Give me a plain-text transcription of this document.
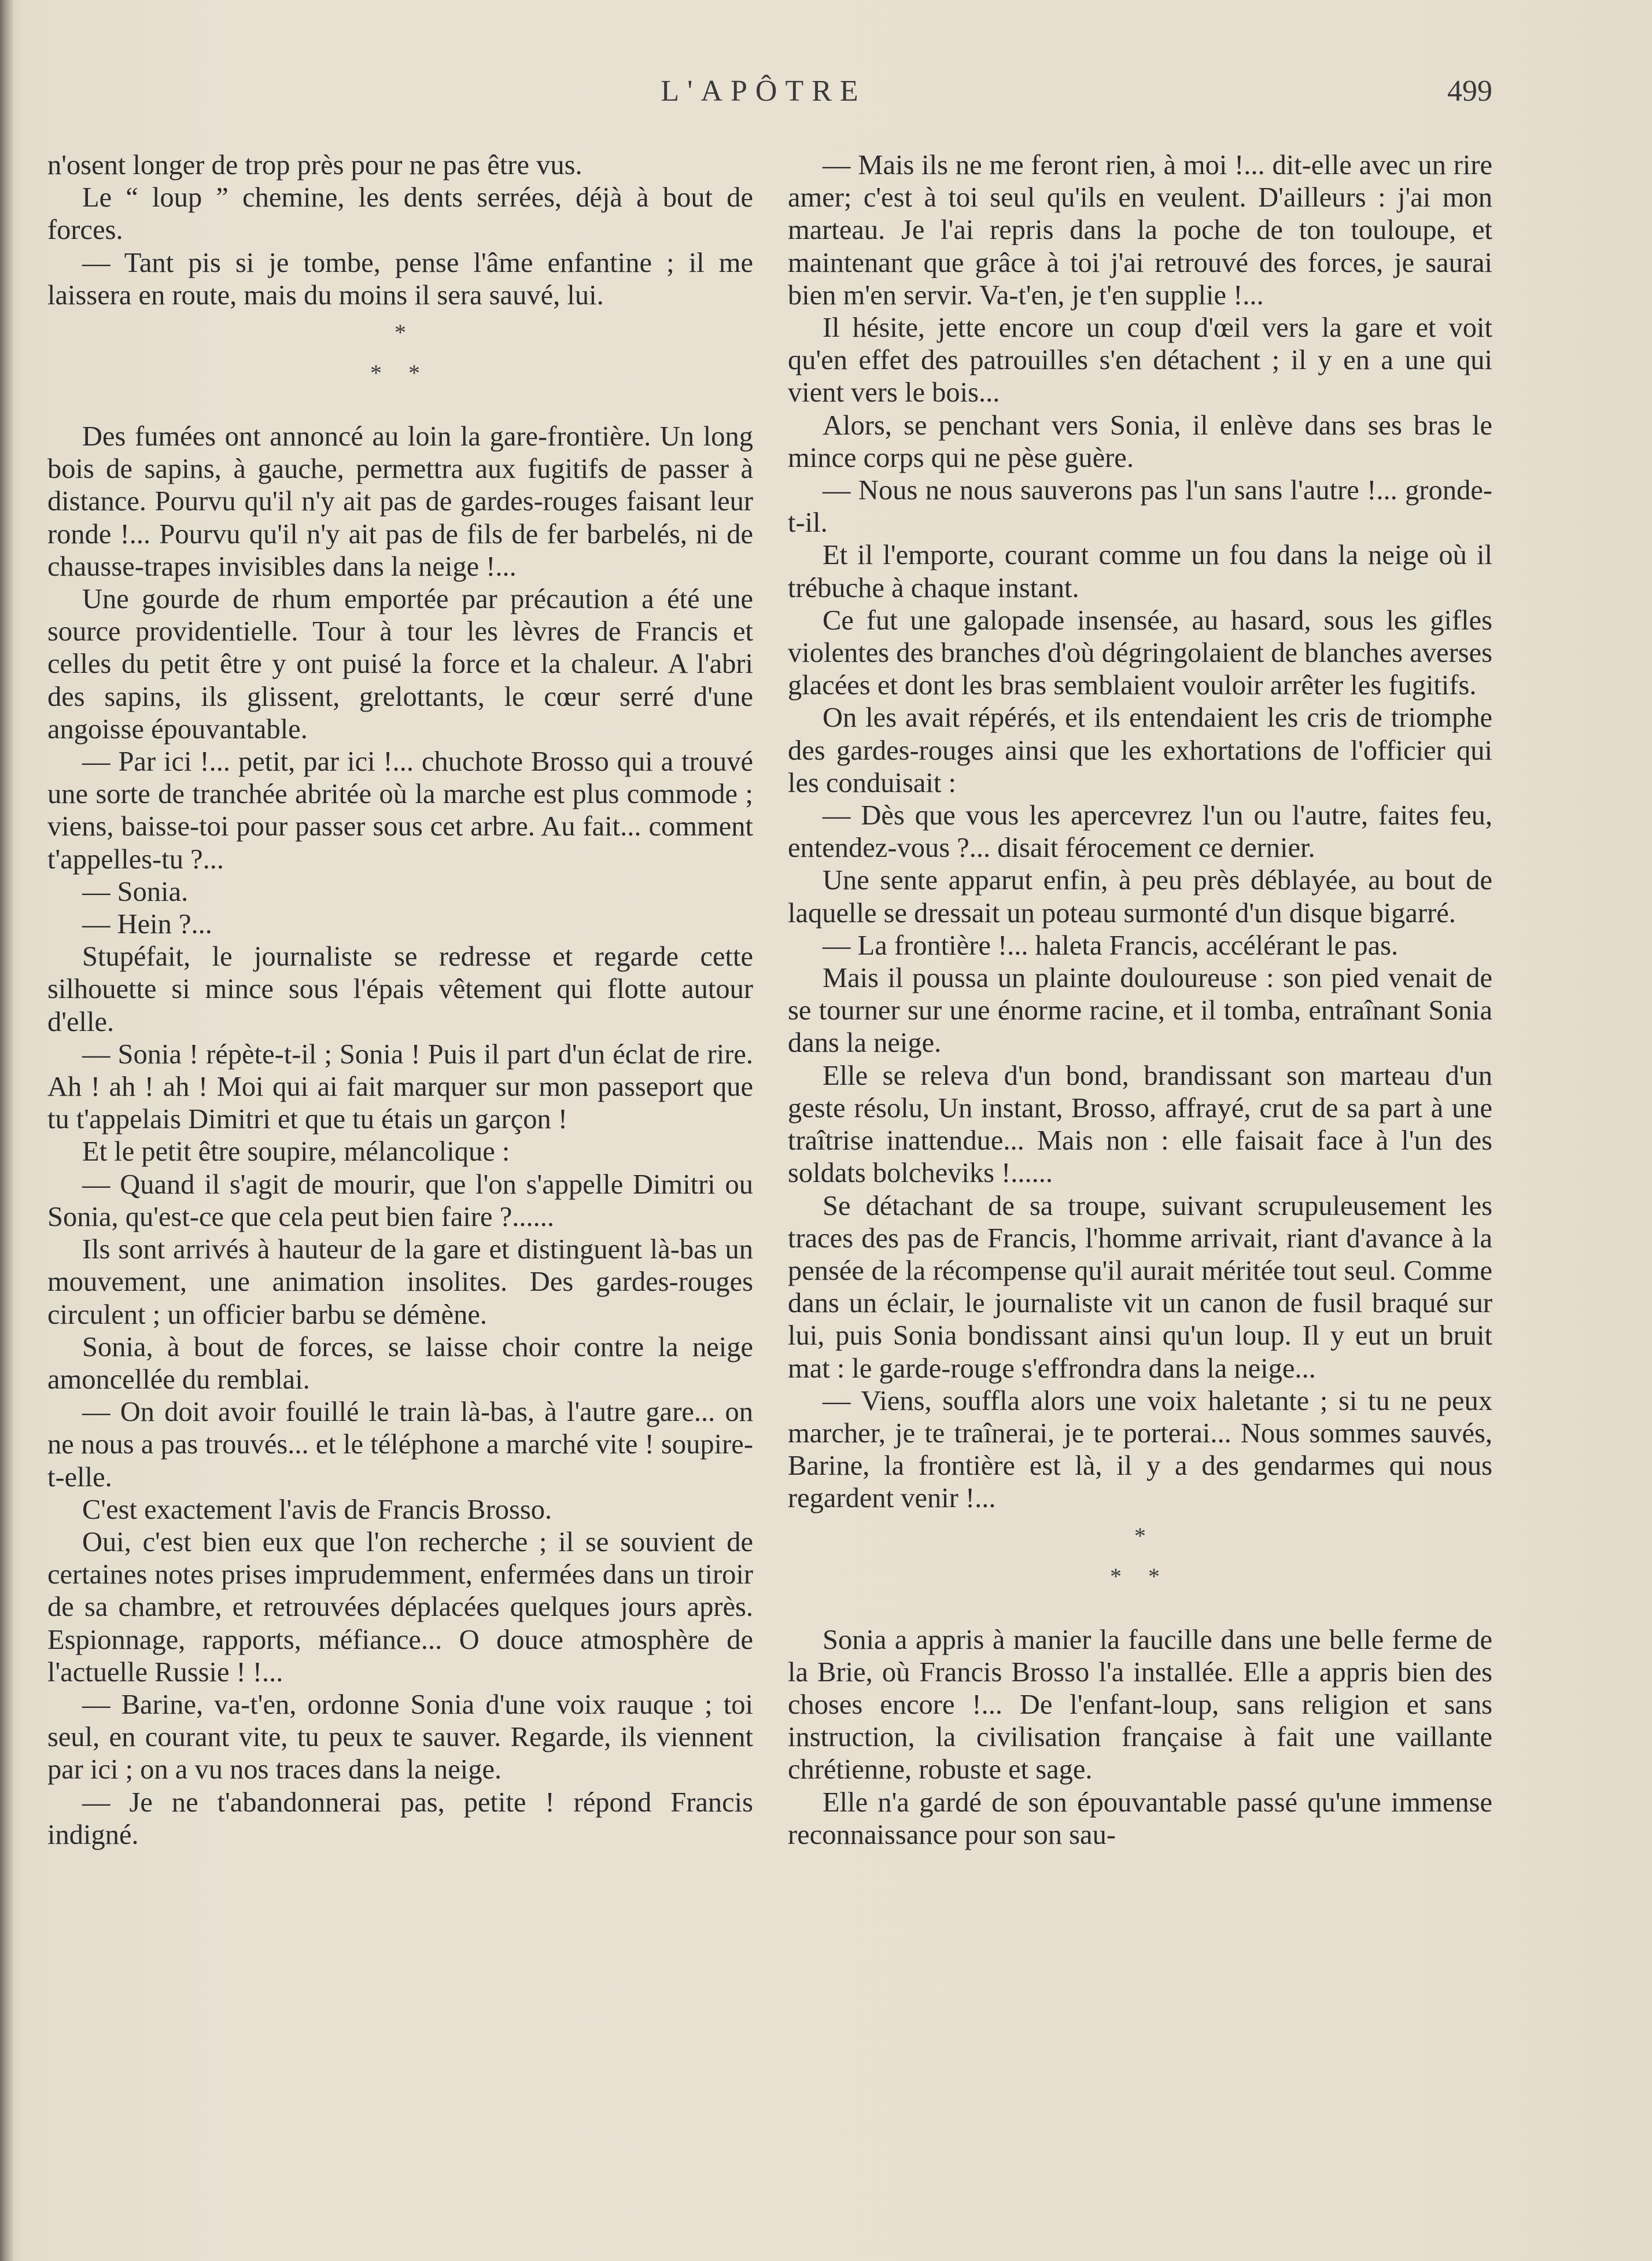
L'APÔTRE	499

n'osent longer de trop près pour ne pas être vus.

Le “ loup ” chemine, les dents serrées, déjà à bout de forces.

— Tant pis si je tombe, pense l'âme enfantine ; il me laissera en route, mais du moins il sera sauvé, lui.

*
* *

Des fumées ont annoncé au loin la gare-frontière. Un long bois de sapins, à gauche, permettra aux fugitifs de passer à distance. Pourvu qu'il n'y ait pas de gardes-rouges faisant leur ronde !... Pourvu qu'il n'y ait pas de fils de fer barbelés, ni de chausse-trapes invisibles dans la neige !...

Une gourde de rhum emportée par précaution a été une source providentielle. Tour à tour les lèvres de Francis et celles du petit être y ont puisé la force et la chaleur. A l'abri des sapins, ils glissent, grelottants, le cœur serré d'une angoisse épouvantable.

— Par ici !... petit, par ici !... chuchote Brosso qui a trouvé une sorte de tranchée abritée où la marche est plus commode ; viens, baisse-toi pour passer sous cet arbre. Au fait... comment t'appelles-tu ?...

— Sonia.

— Hein ?...

Stupéfait, le journaliste se redresse et regarde cette silhouette si mince sous l'épais vêtement qui flotte autour d'elle.

— Sonia ! répète-t-il ; Sonia ! Puis il part d'un éclat de rire. Ah ! ah ! ah ! Moi qui ai fait marquer sur mon passeport que tu t'appelais Dimitri et que tu étais un garçon !

Et le petit être soupire, mélancolique :

— Quand il s'agit de mourir, que l'on s'appelle Dimitri ou Sonia, qu'est-ce que cela peut bien faire ?......

Ils sont arrivés à hauteur de la gare et distinguent là-bas un mouvement, une animation insolites. Des gardes-rouges circulent ; un officier barbu se démène.

Sonia, à bout de forces, se laisse choir contre la neige amoncellée du remblai.

— On doit avoir fouillé le train là-bas, à l'autre gare... on ne nous a pas trouvés... et le téléphone a marché vite ! soupire-t-elle.

C'est exactement l'avis de Francis Brosso.

Oui, c'est bien eux que l'on recherche ; il se souvient de certaines notes prises imprudemment, enfermées dans un tiroir de sa chambre, et retrouvées déplacées quelques jours après. Espionnage, rapports, méfiance... O douce atmosphère de l'actuelle Russie ! !...

— Barine, va-t'en, ordonne Sonia d'une voix rauque ; toi seul, en courant vite, tu peux te sauver. Regarde, ils viennent par ici ; on a vu nos traces dans la neige.

— Je ne t'abandonnerai pas, petite ! répond Francis indigné.

— Mais ils ne me feront rien, à moi !... dit-elle avec un rire amer; c'est à toi seul qu'ils en veulent. D'ailleurs : j'ai mon marteau. Je l'ai repris dans la poche de ton touloupe, et maintenant que grâce à toi j'ai retrouvé des forces, je saurai bien m'en servir. Va-t'en, je t'en supplie !...

Il hésite, jette encore un coup d'œil vers la gare et voit qu'en effet des patrouilles s'en détachent ; il y en a une qui vient vers le bois...

Alors, se penchant vers Sonia, il enlève dans ses bras le mince corps qui ne pèse guère.

— Nous ne nous sauverons pas l'un sans l'autre !... gronde-t-il.

Et il l'emporte, courant comme un fou dans la neige où il trébuche à chaque instant.

Ce fut une galopade insensée, au hasard, sous les gifles violentes des branches d'où dégringolaient de blanches averses glacées et dont les bras semblaient vouloir arrêter les fugitifs.

On les avait répérés, et ils entendaient les cris de triomphe des gardes-rouges ainsi que les exhortations de l'officier qui les conduisait :

— Dès que vous les apercevrez l'un ou l'autre, faites feu, entendez-vous ?... disait férocement ce dernier.

Une sente apparut enfin, à peu près déblayée, au bout de laquelle se dressait un poteau surmonté d'un disque bigarré.

— La frontière !... haleta Francis, accélérant le pas.

Mais il poussa un plainte douloureuse : son pied venait de se tourner sur une énorme racine, et il tomba, entraînant Sonia dans la neige.

Elle se releva d'un bond, brandissant son marteau d'un geste résolu, Un instant, Brosso, affrayé, crut de sa part à une traîtrise inattendue... Mais non : elle faisait face à l'un des soldats bolcheviks !......

Se détachant de sa troupe, suivant scrupuleusement les traces des pas de Francis, l'homme arrivait, riant d'avance à la pensée de la récompense qu'il aurait méritée tout seul. Comme dans un éclair, le journaliste vit un canon de fusil braqué sur lui, puis Sonia bondissant ainsi qu'un loup. Il y eut un bruit mat : le garde-rouge s'effrondra dans la neige...

— Viens, souffla alors une voix haletante ; si tu ne peux marcher, je te traînerai, je te porterai... Nous sommes sauvés, Barine, la frontière est là, il y a des gendarmes qui nous regardent venir !...

*
* *

Sonia a appris à manier la faucille dans une belle ferme de la Brie, où Francis Brosso l'a installée. Elle a appris bien des choses encore !... De l'enfant-loup, sans religion et sans instruction, la civilisation française à fait une vaillante chrétienne, robuste et sage.

Elle n'a gardé de son épouvantable passé qu'une immense reconnaissance pour son sau-
